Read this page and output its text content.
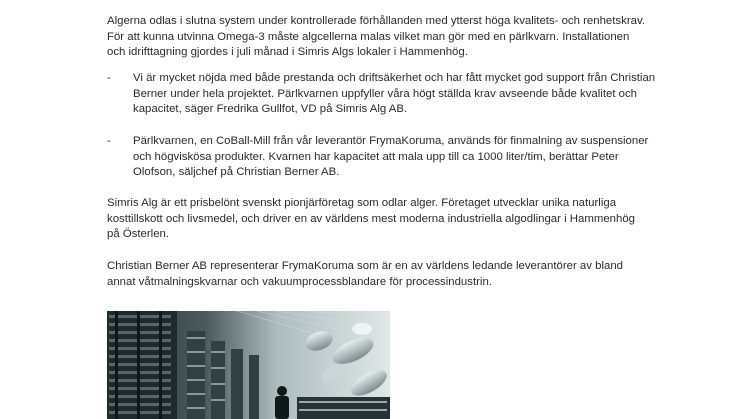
Algerna odlas i slutna system under kontrollerade förhållanden med ytterst höga kvalitets- och renhetskrav. För att kunna utvinna Omega-3 måste algcellerna malas vilket man gör med en pärlkvarn. Installationen och idrifttagning gjordes i juli månad i Simris Algs lokaler i Hammenhög.

-	Vi är mycket nöjda med både prestanda och driftsäkerhet och har fått mycket god support från Christian Berner under hela projektet. Pärlkvarnen uppfyller våra högt ställda krav avseende både kvalitet och kapacitet, säger Fredrika Gullfot, VD på Simris Alg AB.
-	Pärlkvarnen, en CoBall-Mill från vår leverantör FrymaKoruma, används för finmalning av suspensioner och högviskösa produkter. Kvarnen har kapacitet att mala upp till ca 1000 liter/tim, berättar Peter Olofson, säljchef på Christian Berner AB.

Simris Alg är ett prisbelönt svenskt pionjärföretag som odlar alger. Företaget utvecklar unika naturliga kosttillskott och livsmedel, och driver en av världens mest moderna industriella algodlingar i Hammenhög på Österlen.

Christian Berner AB representerar FrymaKoruma som är en av världens ledande leverantörer av bland annat våtmalningskvarnar och vakuumprocessblandare för processindustrin.
